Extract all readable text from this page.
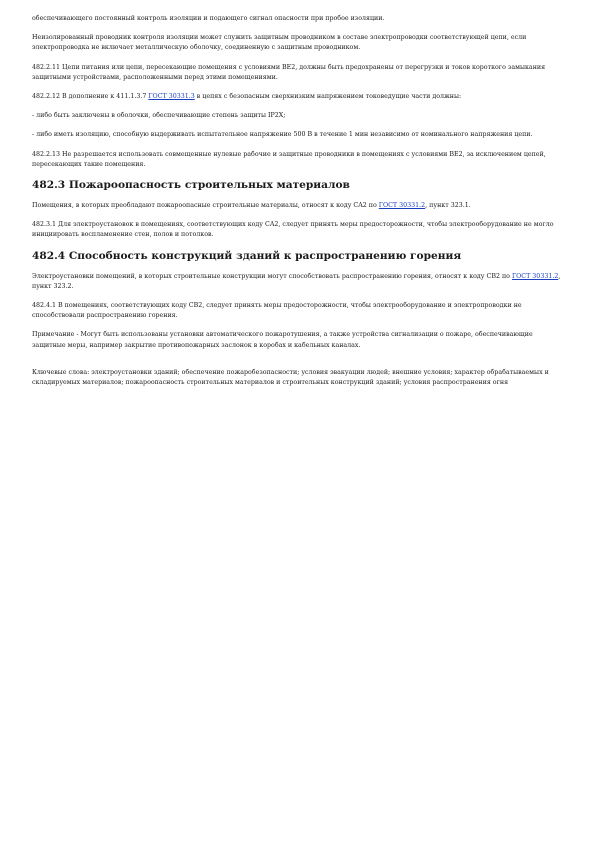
обеспечивающего постоянный контроль изоляции и подающего сигнал опасности при пробое изоляции.

Неизолированный проводник контроля изоляции может служить защитным проводником в составе электропроводки соответствующей цепи, если электропроводка не включает металлическую оболочку, соединенную с защитным проводником.

482.2.11 Цепи питания или цепи, пересекающие помещения с условиями BE2, должны быть предохранены от перегрузки и токов короткого замыкания защитными устройствами, расположенными перед этими помещениями.

482.2.12 В дополнение к 411.1.3.7 ГОСТ 30331.3 в цепях с безопасным сверхнизким напряжением токоведущие части должны:

- либо быть заключены в оболочки, обеспечивающие степень защиты IP2X;

- либо иметь изоляцию, способную выдерживать испытательное напряжение 500 В в течение 1 мин независимо от номинального напряжения цепи.

482.2.13 Не разрешается использовать совмещенные нулевые рабочие и защитные проводники в помещениях с условиями BE2, за исключением цепей, пересекающих такие помещения.

482.3 Пожароопасность строительных материалов

Помещения, в которых преобладают пожароопасные строительные материалы, относят к коду CA2 по ГОСТ 30331.2, пункт 323.1.

482.3.1 Для электроустановок в помещениях, соответствующих коду CA2, следует принять меры предосторожности, чтобы электрооборудование не могло инициировать воспламенение стен, полов и потолков.

482.4 Способность конструкций зданий к распространению горения

Электроустановки помещений, в которых строительные конструкции могут способствовать распространению горения, относят к коду CB2 по ГОСТ 30331.2, пункт 323.2.

482.4.1 В помещениях, соответствующих коду CB2, следует принять меры предосторожности, чтобы электрооборудование и электропроводки не способствовали распространению горения.

Примечание - Могут быть использованы установки автоматического пожаротушения, а также устройства сигнализации о пожаре, обеспечивающие защитные меры, например закрытие противопожарных заслонок в коробах и кабельных каналах.

Ключевые слова: электроустановки зданий; обеспечение пожаробезопасности; условия эвакуации людей; внешние условия; характер обрабатываемых и складируемых материалов; пожароопасность строительных материалов и строительных конструкций зданий; условия распространения огня
